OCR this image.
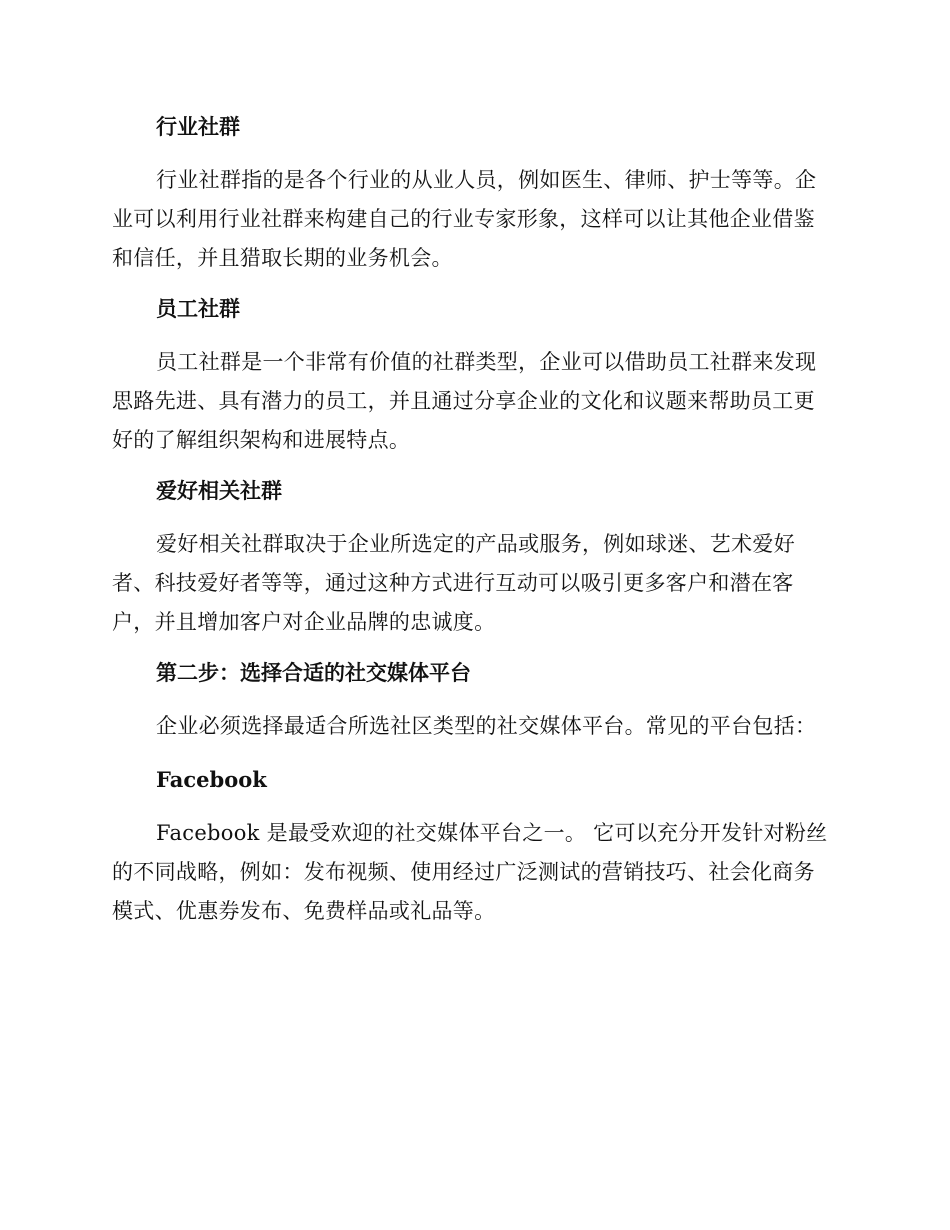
行业社群

行业社群指的是各个行业的从业人员，例如医生、律师、护士等等。企业可以利用行业社群来构建自己的行业专家形象，这样可以让其他企业借鉴和信任，并且猎取长期的业务机会。

员工社群

员工社群是一个非常有价值的社群类型，企业可以借助员工社群来发现思路先进、具有潜力的员工，并且通过分享企业的文化和议题来帮助员工更好的了解组织架构和进展特点。

爱好相关社群

爱好相关社群取决于企业所选定的产品或服务，例如球迷、艺术爱好者、科技爱好者等等，通过这种方式进行互动可以吸引更多客户和潜在客户，并且增加客户对企业品牌的忠诚度。

第二步：选择合适的社交媒体平台

企业必须选择最适合所选社区类型的社交媒体平台。常见的平台包括：

Facebook

Facebook 是最受欢迎的社交媒体平台之一。 它可以充分开发针对粉丝的不同战略，例如：发布视频、使用经过广泛测试的营销技巧、社会化商务模式、优惠券发布、免费样品或礼品等。
